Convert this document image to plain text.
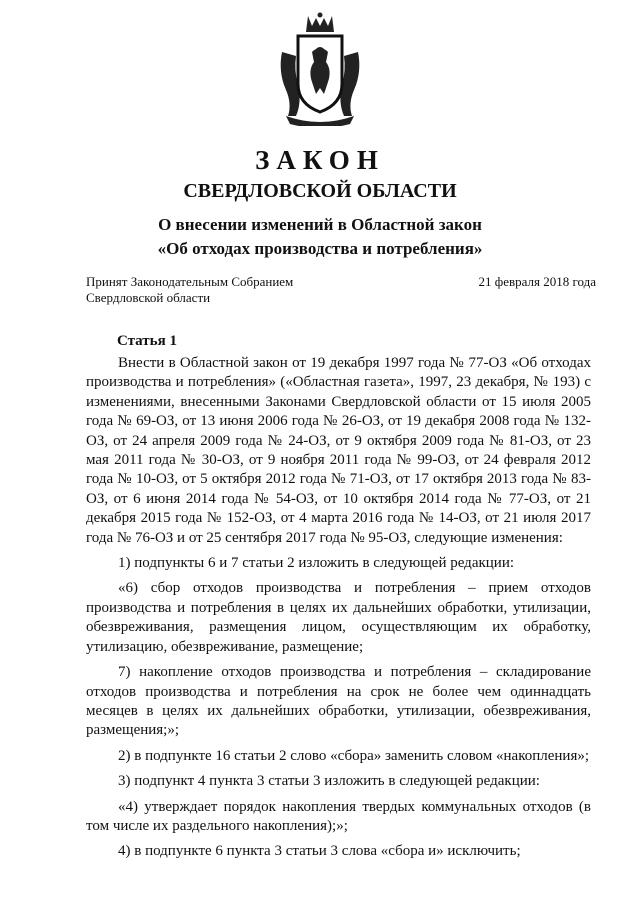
ЗАКОН
СВЕРДЛОВСКОЙ ОБЛАСТИ
О внесении изменений в Областной закон
«Об отходах производства и потребления»
Принят Законодательным Собранием
Свердловской области
21 февраля 2018 года
Статья 1

Внести в Областной закон от 19 декабря 1997 года № 77-ОЗ «Об отходах производства и потребления» («Областная газета», 1997, 23 декабря, № 193) с изменениями, внесенными Законами Свердловской области от 15 июля 2005 года № 69-ОЗ, от 13 июня 2006 года № 26-ОЗ, от 19 декабря 2008 года № 132-ОЗ, от 24 апреля 2009 года № 24-ОЗ, от 9 октября 2009 года № 81-ОЗ, от 23 мая 2011 года № 30-ОЗ, от 9 ноября 2011 года № 99-ОЗ, от 24 февраля 2012 года № 10-ОЗ, от 5 октября 2012 года № 71-ОЗ, от 17 октября 2013 года № 83-ОЗ, от 6 июня 2014 года № 54-ОЗ, от 10 октября 2014 года № 77-ОЗ, от 21 декабря 2015 года № 152-ОЗ, от 4 марта 2016 года № 14-ОЗ, от 21 июля 2017 года № 76-ОЗ и от 25 сентября 2017 года № 95-ОЗ, следующие изменения:

1) подпункты 6 и 7 статьи 2 изложить в следующей редакции:

«6) сбор отходов производства и потребления – прием отходов производства и потребления в целях их дальнейших обработки, утилизации, обезвреживания, размещения лицом, осуществляющим их обработку, утилизацию, обезвреживание, размещение;

7) накопление отходов производства и потребления – складирование отходов производства и потребления на срок не более чем одиннадцать месяцев в целях их дальнейших обработки, утилизации, обезвреживания, размещения;»;

2) в подпункте 16 статьи 2 слово «сбора» заменить словом «накопления»;

3) подпункт 4 пункта 3 статьи 3 изложить в следующей редакции:

«4) утверждает порядок накопления твердых коммунальных отходов (в том числе их раздельного накопления);»;

4) в подпункте 6 пункта 3 статьи 3 слова «сбора и» исключить;
